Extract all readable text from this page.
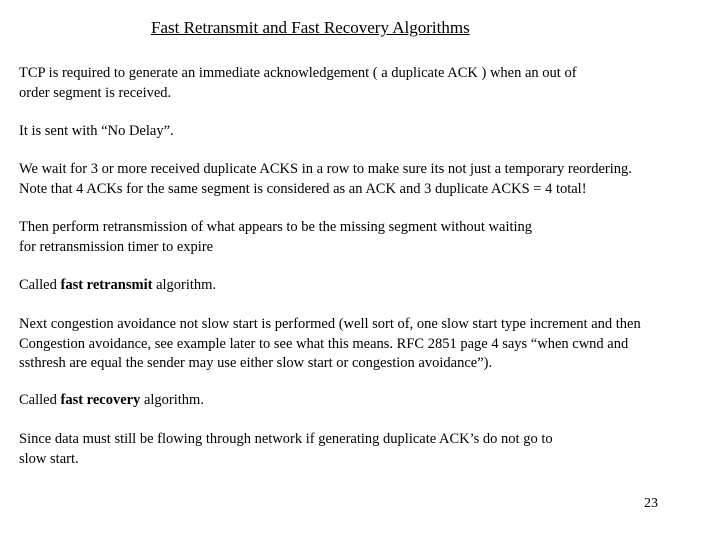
Fast Retransmit and Fast Recovery Algorithms
TCP is required to generate an immediate acknowledgement ( a duplicate ACK ) when an out of
order segment is received.
It is sent with “No Delay”.
We wait for 3 or more received duplicate ACKS in a row to make sure its not just a temporary reordering.
Note that 4 ACKs for the same segment is considered as an ACK and 3 duplicate ACKS = 4 total!
Then perform retransmission of what appears to be the missing segment without waiting
for retransmission timer to expire
Called fast retransmit algorithm.
Next congestion avoidance not slow start is performed (well sort of, one slow start type increment and then
Congestion avoidance, see example later to see what this means. RFC 2851 page 4 says “when cwnd and
ssthresh are equal the sender may use either slow start or congestion avoidance”).
Called fast recovery algorithm.
Since data must still be flowing through network if generating duplicate ACK’s do not go to
slow start.
23
